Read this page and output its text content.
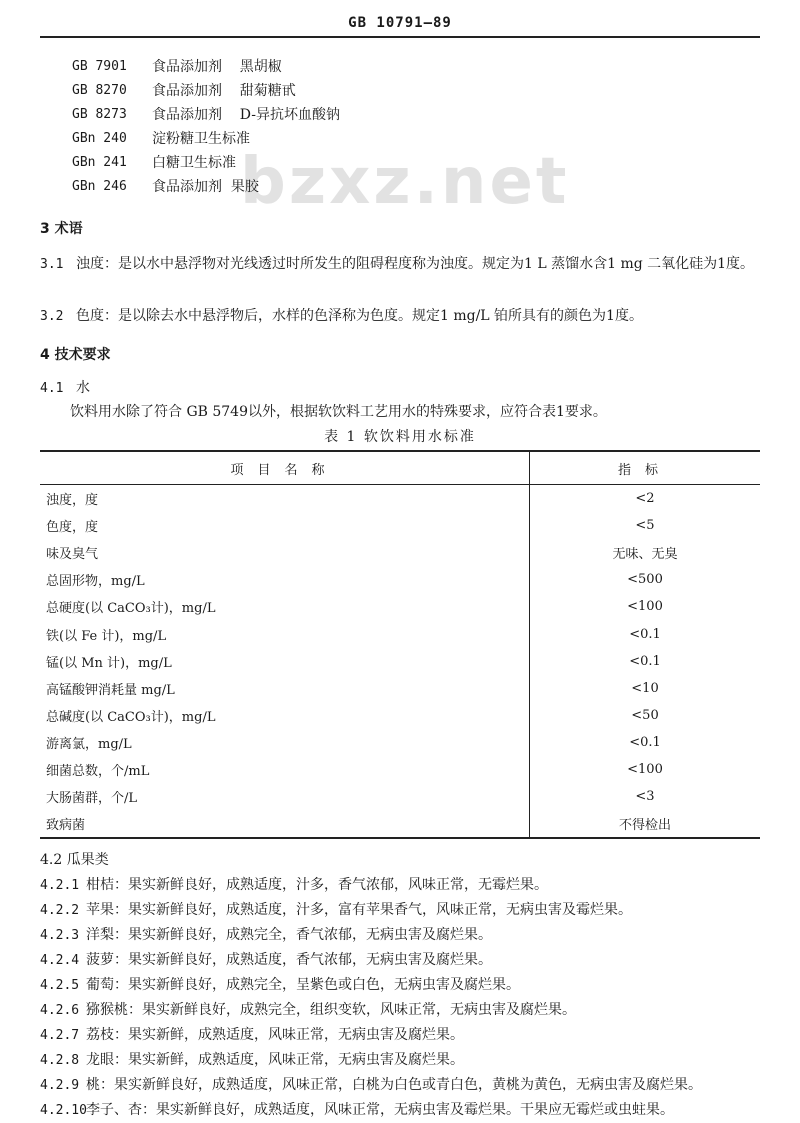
GB 10791—89
bzxz.net
GB 7901	食品添加剂    黑胡椒
GB 8270	食品添加剂    甜菊糖甙
GB 8273	食品添加剂    D-异抗坏血酸钠
GBn 240	淀粉糖卫生标准
GBn 241	白糖卫生标准
GBn 246	食品添加剂  果胶
3 术语
3.1 浊度：是以水中悬浮物对光线透过时所发生的阻碍程度称为浊度。规定为1 L 蒸馏水含1 mg 二氧化硅为1度。
3.2 色度：是以除去水中悬浮物后，水样的色泽称为色度。规定1 mg/L 铂所具有的颜色为1度。
4 技术要求
4.1 水
饮料用水除了符合 GB 5749以外，根据软饮料工艺用水的特殊要求，应符合表1要求。
表 1 软饮料用水标准
项目名称	指标
浊度，度	<2
色度，度	<5
味及臭气	无味、无臭
总固形物，mg/L	<500
总硬度(以 CaCO₃计)，mg/L	<100
铁(以 Fe 计)，mg/L	<0.1
锰(以 Mn 计)，mg/L	<0.1
高锰酸钾消耗量 mg/L	<10
总碱度(以 CaCO₃计)，mg/L	<50
游离氯，mg/L	<0.1
细菌总数，个/mL	<100
大肠菌群，个/L	<3
致病菌	不得检出
4.2 瓜果类
4.2.1 柑桔：果实新鲜良好，成熟适度，汁多，香气浓郁，风味正常，无霉烂果。
4.2.2 苹果：果实新鲜良好，成熟适度，汁多，富有苹果香气，风味正常，无病虫害及霉烂果。
4.2.3 洋梨：果实新鲜良好，成熟完全，香气浓郁，无病虫害及腐烂果。
4.2.4 菠萝：果实新鲜良好，成熟适度，香气浓郁，无病虫害及腐烂果。
4.2.5 葡萄：果实新鲜良好，成熟完全，呈紫色或白色，无病虫害及腐烂果。
4.2.6 猕猴桃：果实新鲜良好，成熟完全，组织变软，风味正常，无病虫害及腐烂果。
4.2.7 荔枝：果实新鲜，成熟适度，风味正常，无病虫害及腐烂果。
4.2.8 龙眼：果实新鲜，成熟适度，风味正常，无病虫害及腐烂果。
4.2.9 桃：果实新鲜良好，成熟适度，风味正常，白桃为白色或青白色，黄桃为黄色，无病虫害及腐烂果。
4.2.10 李子、杏：果实新鲜良好，成熟适度，风味正常，无病虫害及霉烂果。干果应无霉烂或虫蛀果。
